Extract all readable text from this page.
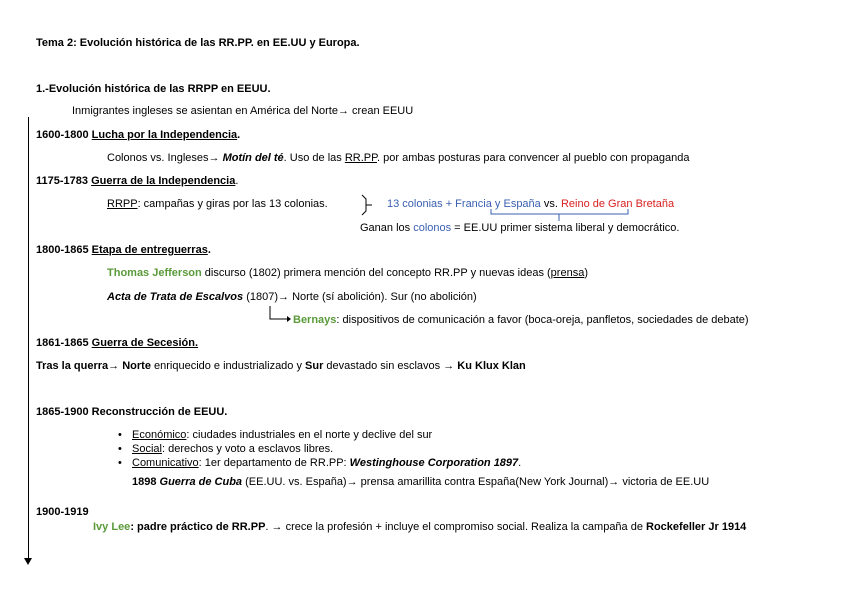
Tema 2: Evolución histórica de las RR.PP. en EE.UU y Europa.
1.-Evolución histórica de las RRPP en EEUU.
Inmigrantes ingleses se asientan en América del Norte→ crean EEUU
1600-1800 Lucha por la Independencia.
Colonos vs. Ingleses→ Motín del té. Uso de las RR.PP. por ambas posturas para convencer al pueblo con propaganda
1175-1783 Guerra de la Independencia.
RRPP: campañas y giras por las 13 colonias.	13 colonias + Francia y España vs. Reino de Gran Bretaña
Ganan los colonos = EE.UU primer sistema liberal y democrático.
1800-1865 Etapa de entreguerras.
Thomas Jefferson discurso (1802) primera mención del concepto RR.PP y nuevas ideas (prensa)
Acta de Trata de Escalvos (1807)→ Norte (sí abolición). Sur (no abolición)
Bernays: dispositivos de comunicación a favor (boca-oreja, panfletos, sociedades de debate)
1861-1865 Guerra de Secesión.
Tras la querra→ Norte enriquecido e industrializado y Sur devastado sin esclavos → Ku Klux Klan
1865-1900 Reconstrucción de EEUU.
• Económico: ciudades industriales en el norte y declive del sur
• Social: derechos y voto a esclavos libres.
• Comunicativo: 1er departamento de RR.PP: Westinghouse Corporation 1897.
1898 Guerra de Cuba (EE.UU. vs. España)→ prensa amarillita contra España(New York Journal)→ victoria de EE.UU
1900-1919
Ivy Lee: padre práctico de RR.PP. → crece la profesión + incluye el compromiso social. Realiza la campaña de Rockefeller Jr 1914
